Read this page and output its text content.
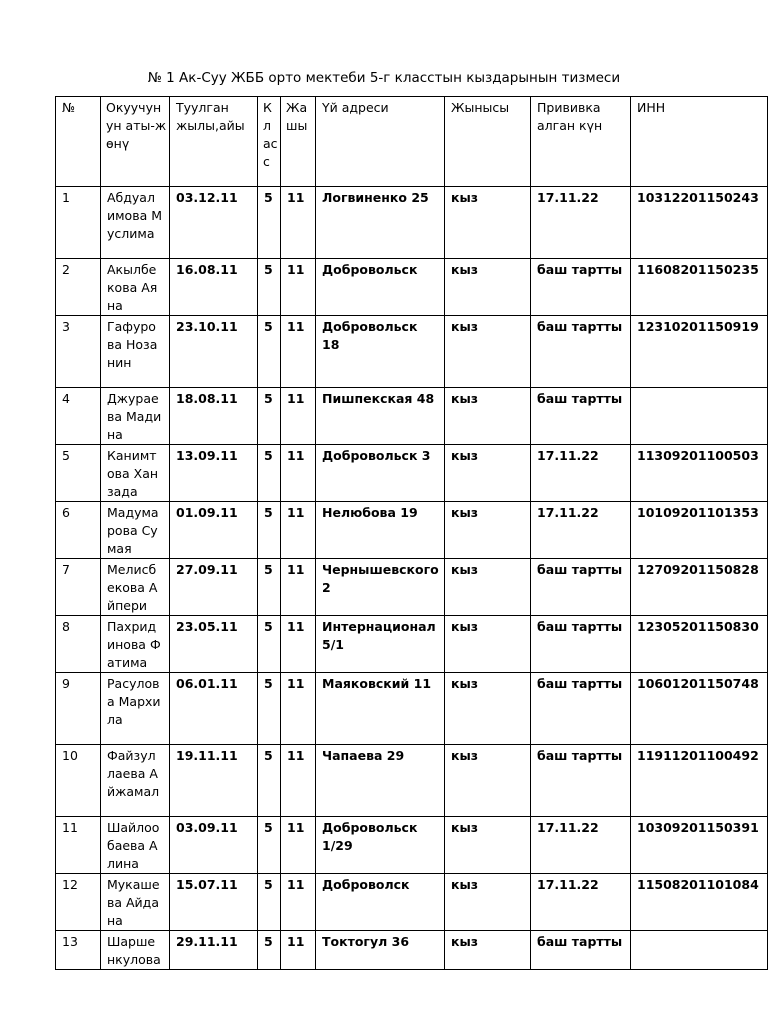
№ 1 Ак-Суу ЖББ орто мектеби 5-г класстын кыздарынын тизмеси
№	Окуучунун аты-жөнү	Туулган жылы,айы	Класс	Жашы	Үй адреси	Жынысы	Прививка алган күн	ИНН
1	Абдуалимова Муслима	03.12.11	5	11	Логвиненко 25	кыз	17.11.22	10312201150243
2	Акылбекова Аяна	16.08.11	5	11	Добровольск	кыз	баш тартты	11608201150235
3	Гафурова Нозанин	23.10.11	5	11	Добровольск 18	кыз	баш тартты	12310201150919
4	Джураева Мадина	18.08.11	5	11	Пишпекская 48	кыз	баш тартты	
5	Канимтова Ханзада	13.09.11	5	11	Добровольск 3	кыз	17.11.22	11309201100503
6	Мадумарова Сумая	01.09.11	5	11	Нелюбова 19	кыз	17.11.22	10109201101353
7	Мелисбекова Айпери	27.09.11	5	11	Чернышевского 2	кыз	баш тартты	12709201150828
8	Пахридинова Фатима	23.05.11	5	11	Интернационал 5/1	кыз	баш тартты	12305201150830
9	Расулова Мархила	06.01.11	5	11	Маяковский 11	кыз	баш тартты	10601201150748
10	Файзуллаева Айжамал	19.11.11	5	11	Чапаева 29	кыз	баш тартты	11911201100492
11	Шайлообаева Алина	03.09.11	5	11	Добровольск 1/29	кыз	17.11.22	10309201150391
12	Мукашева Айдана	15.07.11	5	11	Доброволск	кыз	17.11.22	11508201101084
13	Шаршенкулова	29.11.11	5	11	Токтогул 36	кыз	баш тартты	
